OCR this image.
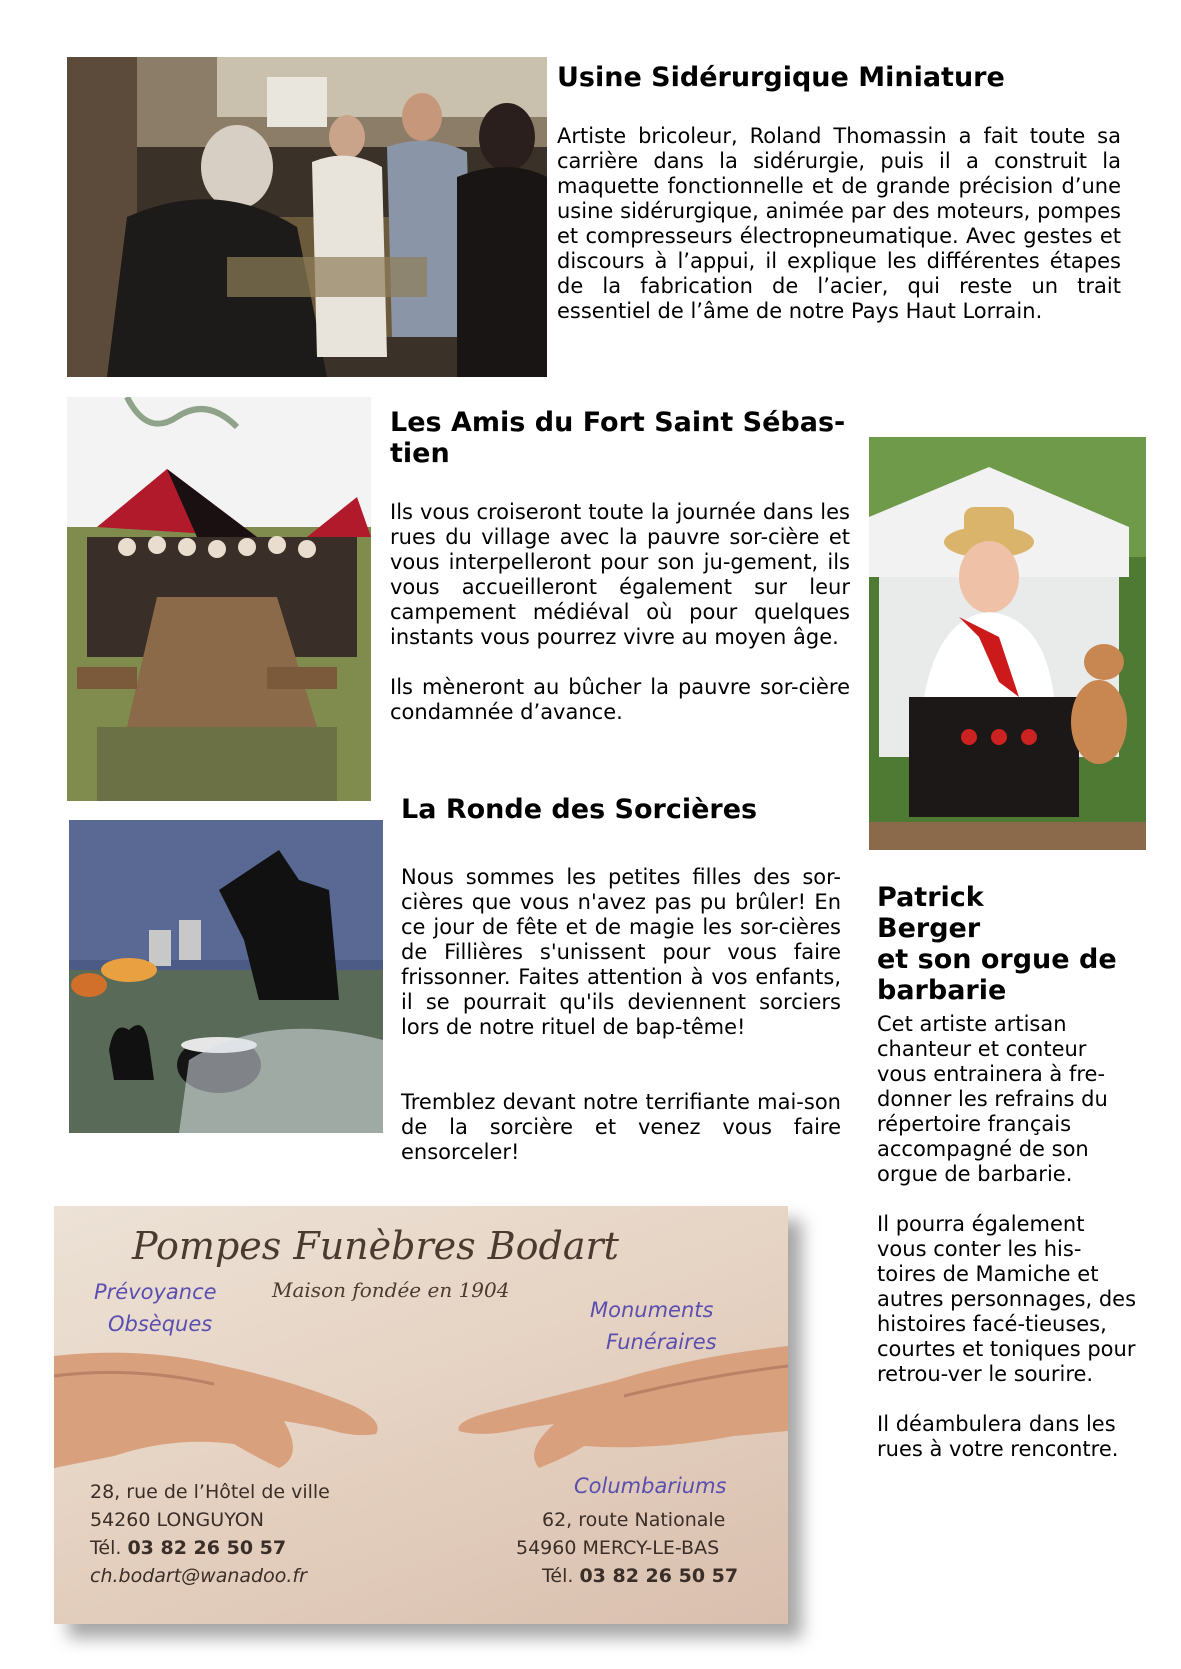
Usine Sidérurgique Miniature

Artiste bricoleur, Roland Thomassin a fait toute sa carrière dans la sidérurgie, puis il a construit la maquette fonctionnelle et de grande précision d’une usine sidérurgique, animée par des moteurs, pompes et compresseurs électropneumatique. Avec gestes et discours à l’appui, il explique les différentes étapes de la fabrication de l’acier, qui reste un trait essentiel de l’âme de notre Pays Haut Lorrain.

Les Amis du Fort Saint Sébas-tien

Ils vous croiseront toute la journée dans les rues du village avec la pauvre sor-cière et vous interpelleront pour son ju-gement, ils vous accueilleront également sur leur campement médiéval où pour quelques instants vous pourrez vivre au moyen âge.

Ils mèneront au bûcher la pauvre sor-cière condamnée d’avance.

La Ronde des Sorcières

Nous sommes les petites filles des sor-cières que vous n'avez pas pu brûler! En ce jour de fête et de magie les sor-cières de Fillières s'unissent pour vous faire frissonner. Faites attention à vos enfants, il se pourrait qu'ils deviennent sorciers lors de notre rituel de bap-tême!

Tremblez devant notre terrifiante mai-son de la sorcière et venez vous faire ensorceler!

Patrick Berger
et son orgue de
barbarie

Cet artiste artisan chanteur et conteur vous entrainera à fre-donner les refrains du répertoire français accompagné de son orgue de barbarie.

Il pourra également vous conter les his-toires de Mamiche et autres personnages, des histoires facé-tieuses, courtes et toniques pour retrou-ver le sourire.

Il déambulera dans les rues à votre rencontre.

Pompes Funèbres Bodart
Maison fondée en 1904
Prévoyance
Obsèques
Monuments
Funéraires
Columbariums
28, rue de l’Hôtel de ville
54260 LONGUYON
Tél. 03 82 26 50 57
ch.bodart@wanadoo.fr
62, route Nationale
54960 MERCY-LE-BAS
Tél. 03 82 26 50 57
